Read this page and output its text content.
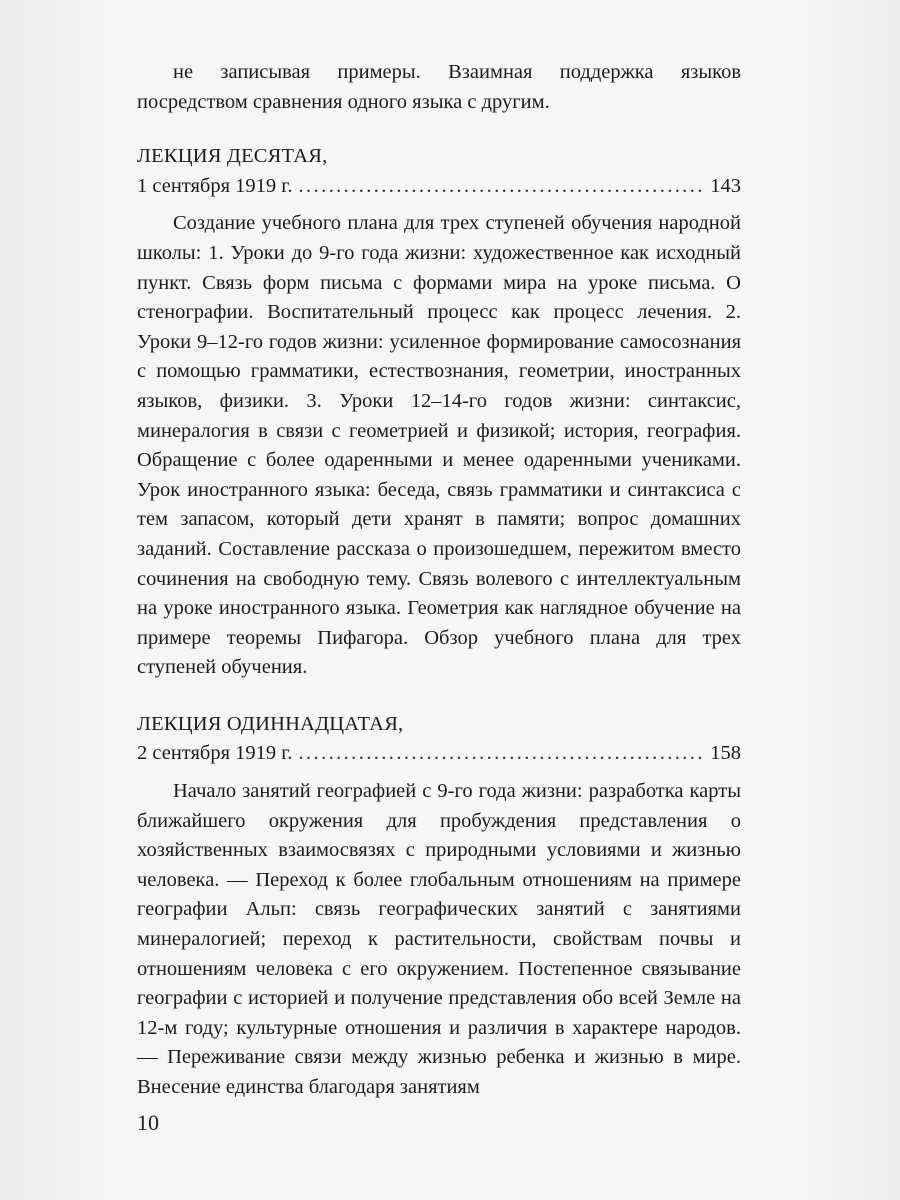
не записывая примеры. Взаимная поддержка языков посредством сравнения одного языка с другим.

ЛЕКЦИЯ ДЕСЯТАЯ,
1 сентября 1919 г. .....	143

Создание учебного плана для трех ступеней обучения народной школы: 1. Уроки до 9-го года жизни: художественное как исходный пункт. Связь форм письма с формами мира на уроке письма. О стенографии. Воспитательный процесс как процесс лечения. 2. Уроки 9–12-го годов жизни: усиленное формирование самосознания с помощью грамматики, естествознания, геометрии, иностранных языков, физики. 3. Уроки 12–14-го годов жизни: синтаксис, минералогия в связи с геометрией и физикой; история, география. Обращение с более одаренными и менее одаренными учениками. Урок иностранного языка: беседа, связь грамматики и синтаксиса с тем запасом, который дети хранят в памяти; вопрос домашних заданий. Составление рассказа о произошедшем, пережитом вместо сочинения на свободную тему. Связь волевого с интеллектуальным на уроке иностранного языка. Геометрия как наглядное обучение на примере теоремы Пифагора. Обзор учебного плана для трех ступеней обучения.

ЛЕКЦИЯ ОДИННАДЦАТАЯ,
2 сентября 1919 г. .....	158

Начало занятий географией с 9-го года жизни: разработка карты ближайшего окружения для пробуждения представления о хозяйственных взаимосвязях с природными условиями и жизнью человека. — Переход к более глобальным отношениям на примере географии Альп: связь географических занятий с занятиями минералогией; переход к растительности, свойствам почвы и отношениям человека с его окружением. Постепенное связывание географии с историей и получение представления обо всей Земле на 12-м году; культурные отношения и различия в характере народов. — Переживание связи между жизнью ребенка и жизнью в мире. Внесение единства благодаря занятиям

10
